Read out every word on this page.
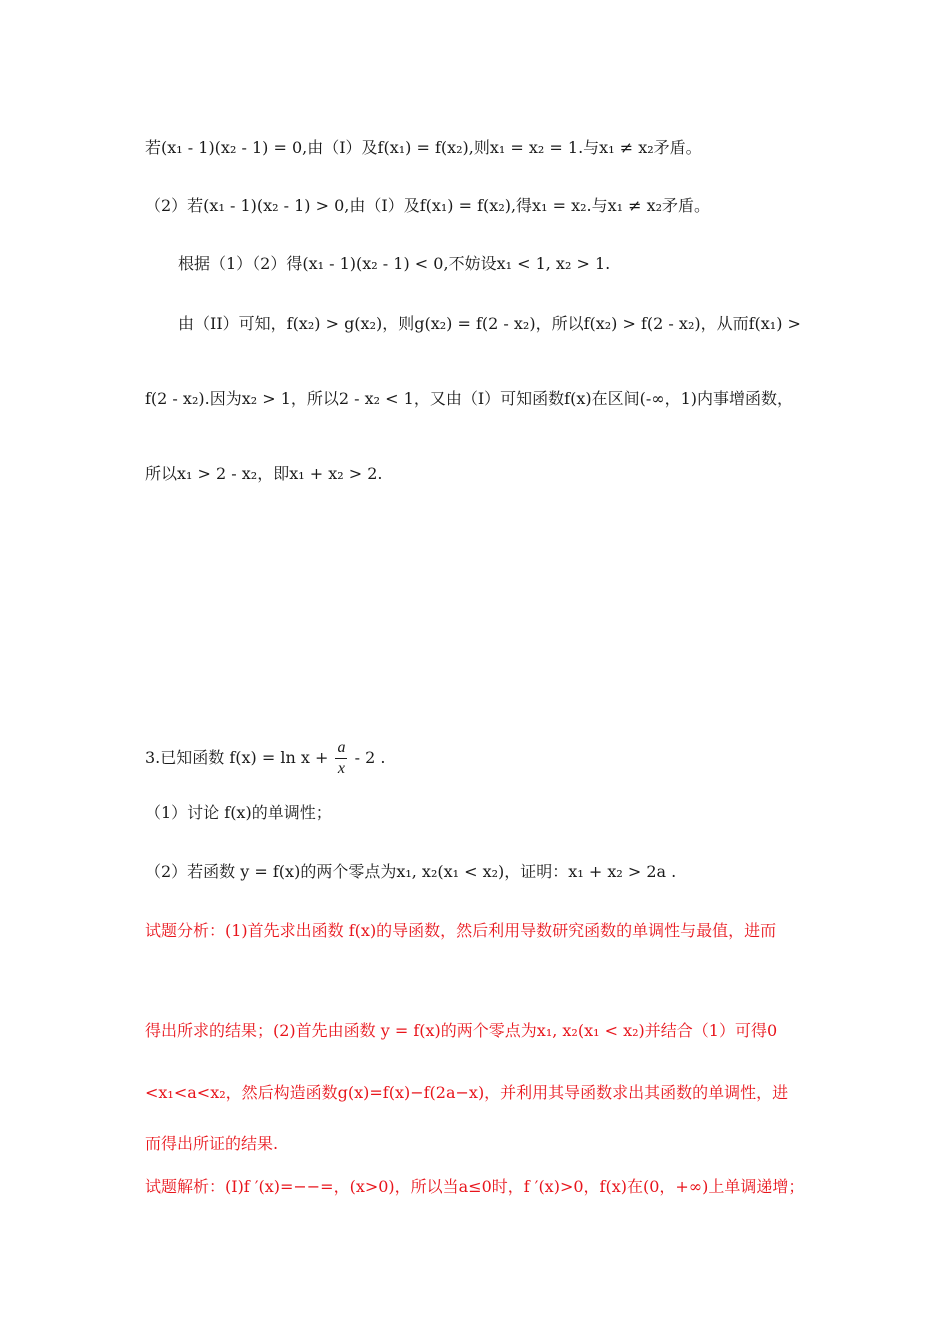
若(x₁ - 1)(x₂ - 1) = 0,由（I）及f(x₁) = f(x₂),则x₁ = x₂ = 1.与x₁ ≠ x₂矛盾。
（2）若(x₁ - 1)(x₂ - 1) > 0,由（I）及f(x₁) = f(x₂),得x₁ = x₂.与x₁ ≠ x₂矛盾。
根据（1）（2）得(x₁ - 1)(x₂ - 1) < 0,不妨设x₁ < 1, x₂ > 1.
由（II）可知，f(x₂) > g(x₂)，则g(x₂) = f(2 - x₂)，所以f(x₂) > f(2 - x₂)，从而f(x₁) >
f(2 - x₂).因为x₂ > 1，所以2 - x₂ < 1，又由（I）可知函数f(x)在区间(-∞，1)内事增函数，
所以x₁ > 2 - x₂，即x₁ + x₂ > 2.
3.已知函数 $f(x) = \ln x + \frac{a}{x} - 2$ .
（1）讨论 f(x)的单调性；
（2）若函数 y = f(x)的两个零点为x₁, x₂(x₁ < x₂)，证明：x₁ + x₂ > 2a .
试题分析：(1)首先求出函数 f(x)的导函数，然后利用导数研究函数的单调性与最值，进而
得出所求的结果；(2)首先由函数 y = f(x)的两个零点为x₁, x₂(x₁ < x₂)并结合（1）可得0
<x₁<a<x₂，然后构造函数g(x)=f(x)−f(2a−x)，并利用其导函数求出其函数的单调性，进
而得出所证的结果.
试题解析：(Ⅰ)f ′(x)=−−=，(x>0)，所以当a≤0时，f ′(x)>0，f(x)在(0，+∞)上单调递增；
